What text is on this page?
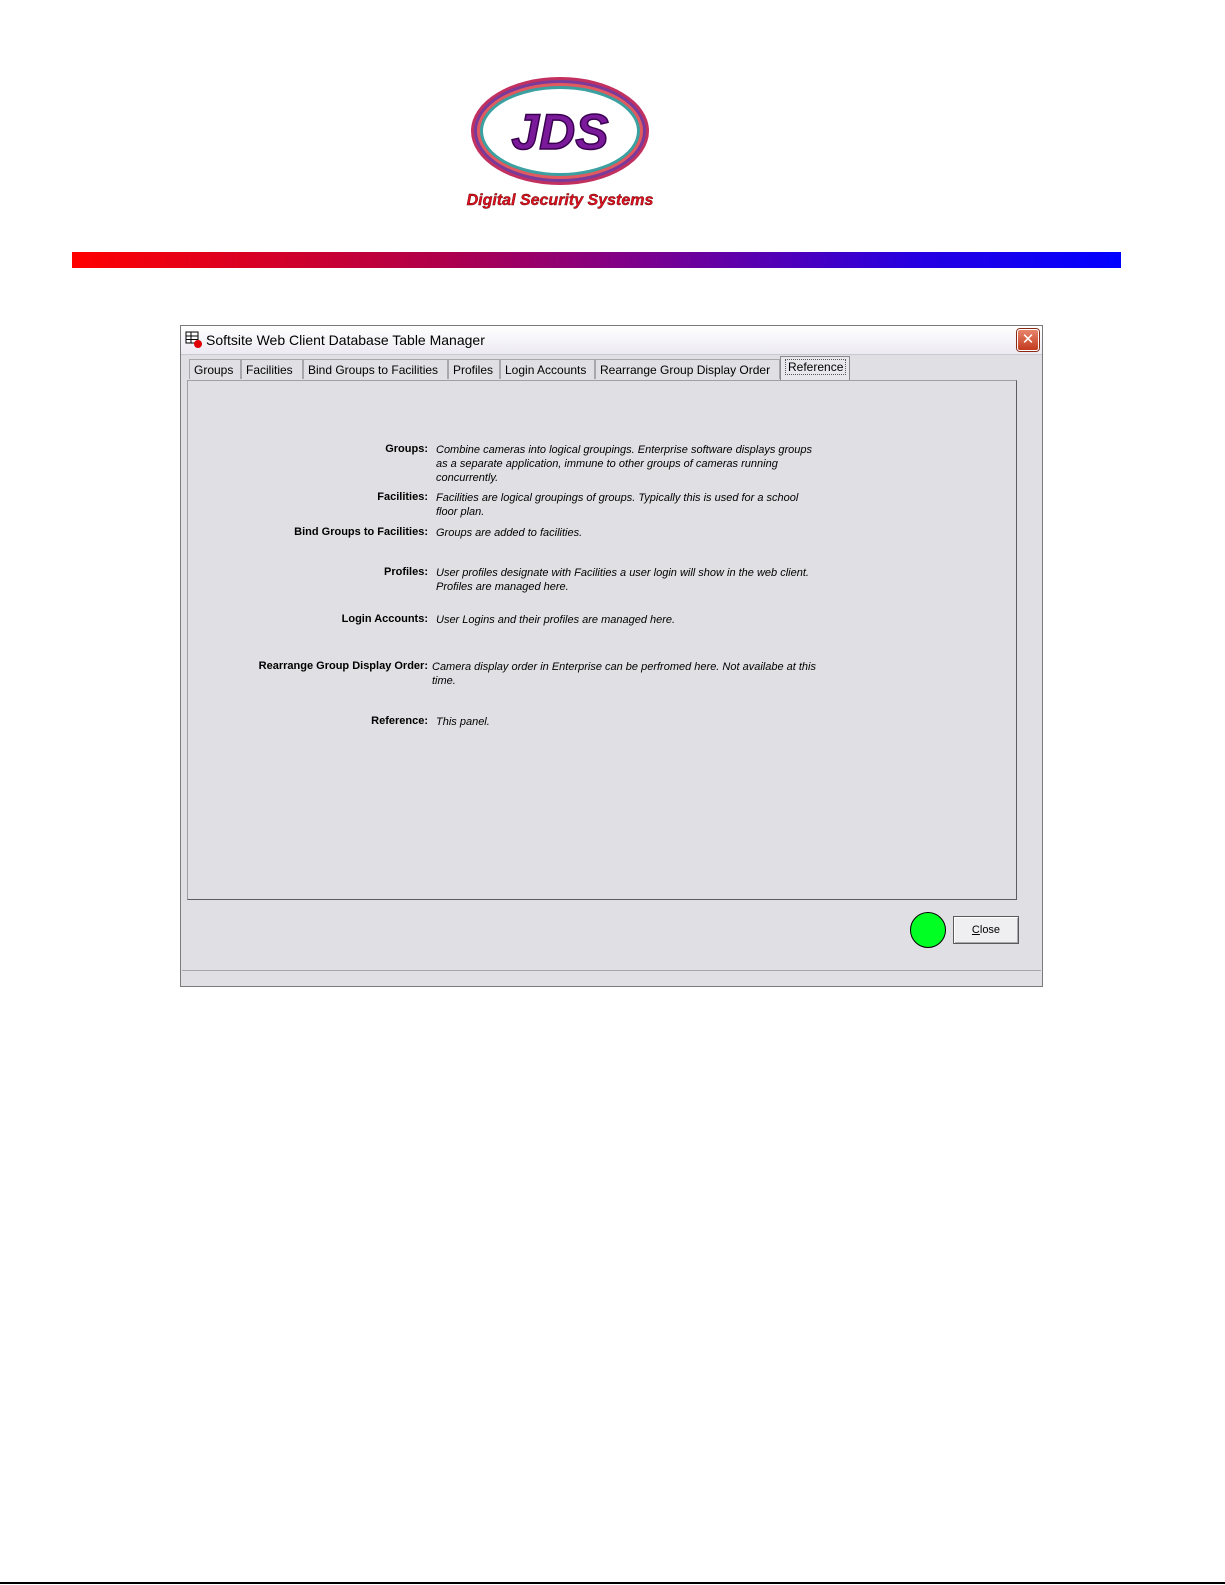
JDS
Digital Security Systems
Softsite Web Client Database Table Manager	✕
Groups	Facilities	Bind Groups to Facilities	Profiles Login Accounts	Rearrange Group Display Order	Reference
Groups: Combine cameras into logical groupings. Enterprise software displays groups as a separate application, immune to other groups of cameras running concurrently.
Facilities: Facilities are logical groupings of groups. Typically this is used for a school floor plan.
Bind Groups to Facilities: Groups are added to facilities.
Profiles: User profiles designate with Facilities a user login will show in the web client. Profiles are managed here.
Login Accounts: User Logins and their profiles are managed here.
Rearrange Group Display Order: Camera display order in Enterprise can be perfromed here. Not availabe at this time.
Reference: This panel.
Close
